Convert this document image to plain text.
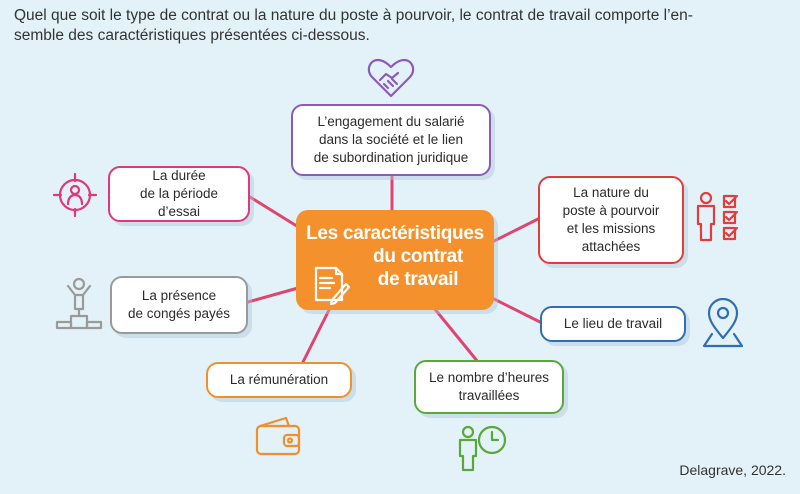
Quel que soit le type de contrat ou la nature du poste à pourvoir, le contrat de travail comporte l’en-
semble des caractéristiques présentées ci-dessous.
Les caractéristiques
du contrat
de travail
L’engagement du salarié
dans la société et le lien
de subordination juridique
La durée
de la période d’essai
La nature du
poste à pourvoir
et les missions
attachées
La présence
de congés payés
Le lieu de travail
La rémunération	Le nombre d’heures
travaillées
Delagrave, 2022.
